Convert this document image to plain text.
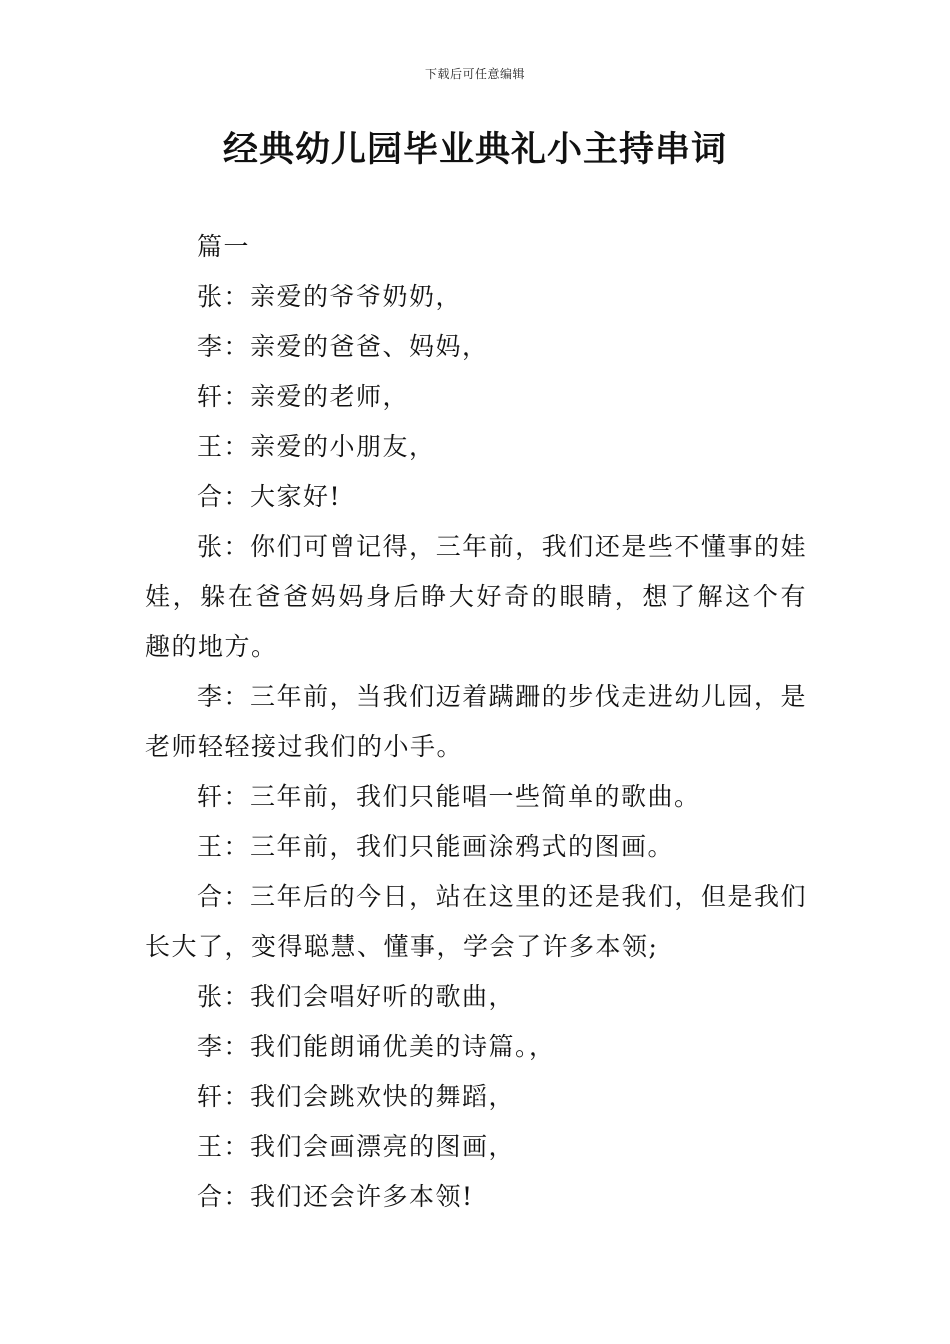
下载后可任意编辑
经典幼儿园毕业典礼小主持串词

篇一

张：亲爱的爷爷奶奶，

李：亲爱的爸爸、妈妈，

轩：亲爱的老师，

王：亲爱的小朋友，

合：大家好!

张：你们可曾记得，三年前，我们还是些不懂事的娃娃，躲在爸爸妈妈身后睁大好奇的眼睛，想了解这个有趣的地方。

李：三年前，当我们迈着蹒跚的步伐走进幼儿园，是老师轻轻接过我们的小手。

轩：三年前，我们只能唱一些简单的歌曲。

王：三年前，我们只能画涂鸦式的图画。

合：三年后的今日，站在这里的还是我们，但是我们长大了，变得聪慧、懂事，学会了许多本领;

张：我们会唱好听的歌曲，

李：我们能朗诵优美的诗篇。，

轩：我们会跳欢快的舞蹈，

王：我们会画漂亮的图画，

合：我们还会许多本领!
